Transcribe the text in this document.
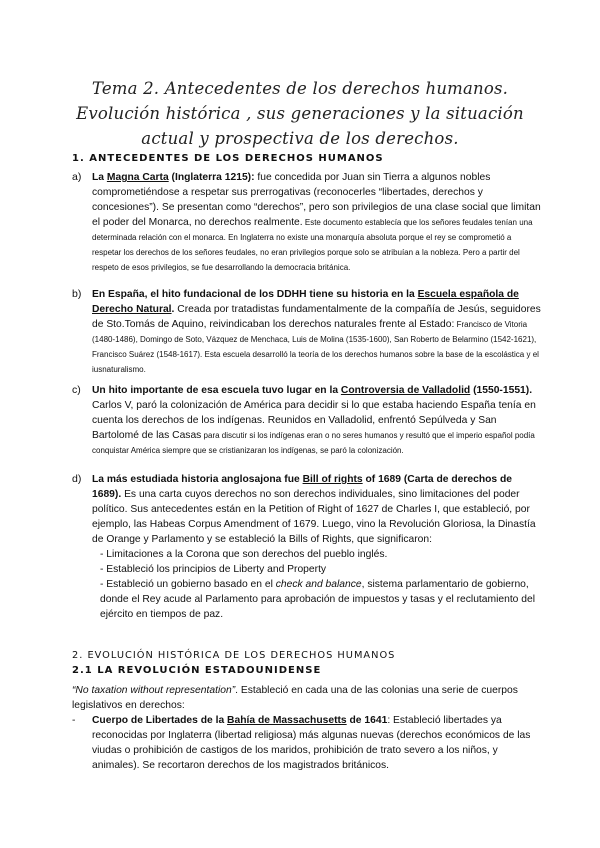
Tema 2. Antecedentes de los derechos humanos. Evolución histórica , sus generaciones y la situación actual y prospectiva de los derechos.
1. ANTECEDENTES DE LOS DERECHOS HUMANOS
a) La Magna Carta (Inglaterra 1215): fue concedida por Juan sin Tierra a algunos nobles comprometiéndose a respetar sus prerrogativas (reconocerles “libertades, derechos y concesiones”). Se presentan como “derechos”, pero son privilegios de una clase social que limitan el poder del Monarca, no derechos realmente. Este documento establecía que los señores feudales tenían una determinada relación con el monarca. En Inglaterra no existe una monarquía absoluta porque el rey se comprometió a respetar los derechos de los señores feudales, no eran privilegios porque solo se atribuían a la nobleza. Pero a partir del respeto de esos privilegios, se fue desarrollando la democracia británica.
b) En España, el hito fundacional de los DDHH tiene su historia en la Escuela española de Derecho Natural. Creada por tratadistas fundamentalmente de la compañía de Jesús, seguidores de Sto.Tomás de Aquino, reivindicaban los derechos naturales frente al Estado: Francisco de Vitoria (1480-1486), Domingo de Soto, Vázquez de Menchaca, Luis de Molina (1535-1600), San Roberto de Belarmino (1542-1621), Francisco Suárez (1548-1617). Esta escuela desarrolló la teoría de los derechos humanos sobre la base de la escolástica y el iusnaturalismo.
c) Un hito importante de esa escuela tuvo lugar en la Controversia de Valladolid (1550-1551). Carlos V, paró la colonización de América para decidir si lo que estaba haciendo España tenía en cuenta los derechos de los indígenas. Reunidos en Valladolid, enfrentó Sepúlveda y San Bartolomé de las Casas para discutir si los indígenas eran o no seres humanos y resultó que el imperio español podía conquistar América siempre que se cristianizaran los indígenas, se paró la colonización.
d) La más estudiada historia anglosajona fue Bill of rights of 1689 (Carta de derechos de 1689). Es una carta cuyos derechos no son derechos individuales, sino limitaciones del poder político. Sus antecedentes están en la Petition of Right of 1627 de Charles I, que estableció, por ejemplo, las Habeas Corpus Amendment of 1679. Luego, vino la Revolución Gloriosa, la Dinastía de Orange y Parlamento y se estableció la Bills of Rights, que significaron:
- Limitaciones a la Corona que son derechos del pueblo inglés.
- Estableció los principios de Liberty and Property
- Estableció un gobierno basado en el check and balance, sistema parlamentario de gobierno, donde el Rey acude al Parlamento para aprobación de impuestos y tasas y el reclutamiento del ejército en tiempos de paz.
2. EVOLUCIÓN HISTÓRICA DE LOS DERECHOS HUMANOS
2.1 LA REVOLUCIÓN ESTADOUNIDENSE
“No taxation without representation”. Estableció en cada una de las colonias una serie de cuerpos legislativos en derechos:
- Cuerpo de Libertades de la Bahía de Massachusetts de 1641: Estableció libertades ya reconocidas por Inglaterra (libertad religiosa) más algunas nuevas (derechos económicos de las viudas o prohibición de castigos de los maridos, prohibición de trato severo a los niños, y animales). Se recortaron derechos de los magistrados británicos.
